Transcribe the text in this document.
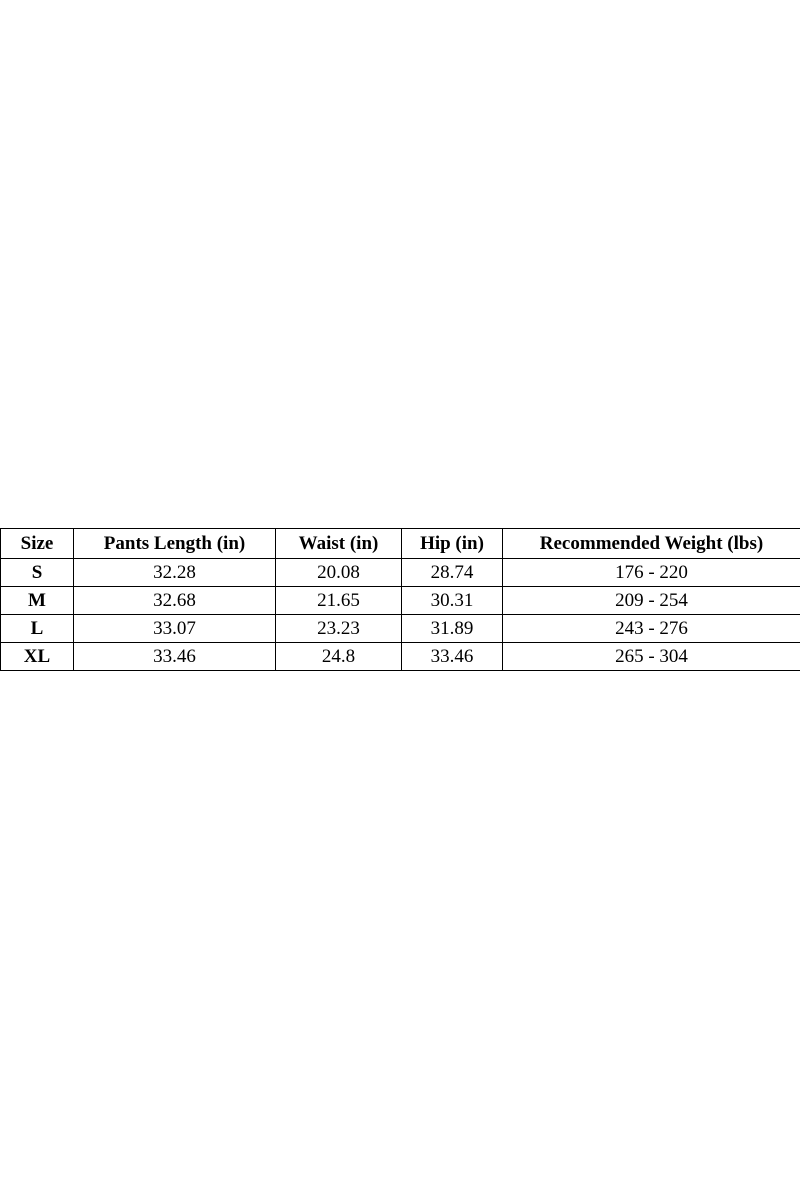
Size	Pants Length (in)	Waist (in)	Hip (in)	Recommended Weight (lbs)
S	32.28	20.08	28.74	176 - 220
M	32.68	21.65	30.31	209 - 254
L	33.07	23.23	31.89	243 - 276
XL	33.46	24.8	33.46	265 - 304
